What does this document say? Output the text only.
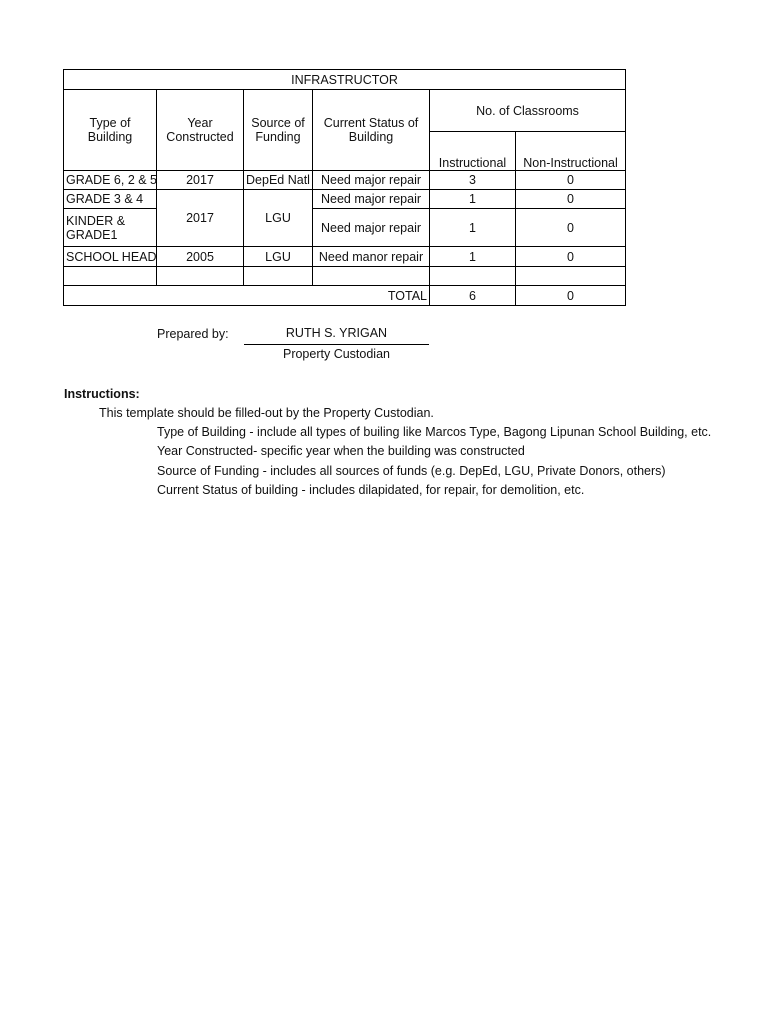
INFRASTRUCTOR					
Type of Building	Year Constructed	Source of Funding	Current Status of Building	No. of Classrooms	
				Instructional	Non-Instructional
GRADE 6, 2 & 5	2017	DepEd Natl	Need major repair	3	0
GRADE 3 & 4	2017	LGU	Need major repair	1	0
KINDER & GRADE1			Need major repair	1	0
SCHOOL HEAD	2005	LGU	Need manor repair	1	0

TOTAL				6	0
Prepared by:	RUTH S. YRIGAN
Property Custodian
Instructions:
This template should be filled-out by the Property Custodian.
Type of Building - include all types of builing like Marcos Type, Bagong Lipunan School Building, etc.
Year Constructed- specific year when the building was constructed
Source of Funding - includes all sources of funds (e.g. DepEd, LGU, Private Donors, others)
Current Status of building - includes dilapidated, for repair, for demolition, etc.
